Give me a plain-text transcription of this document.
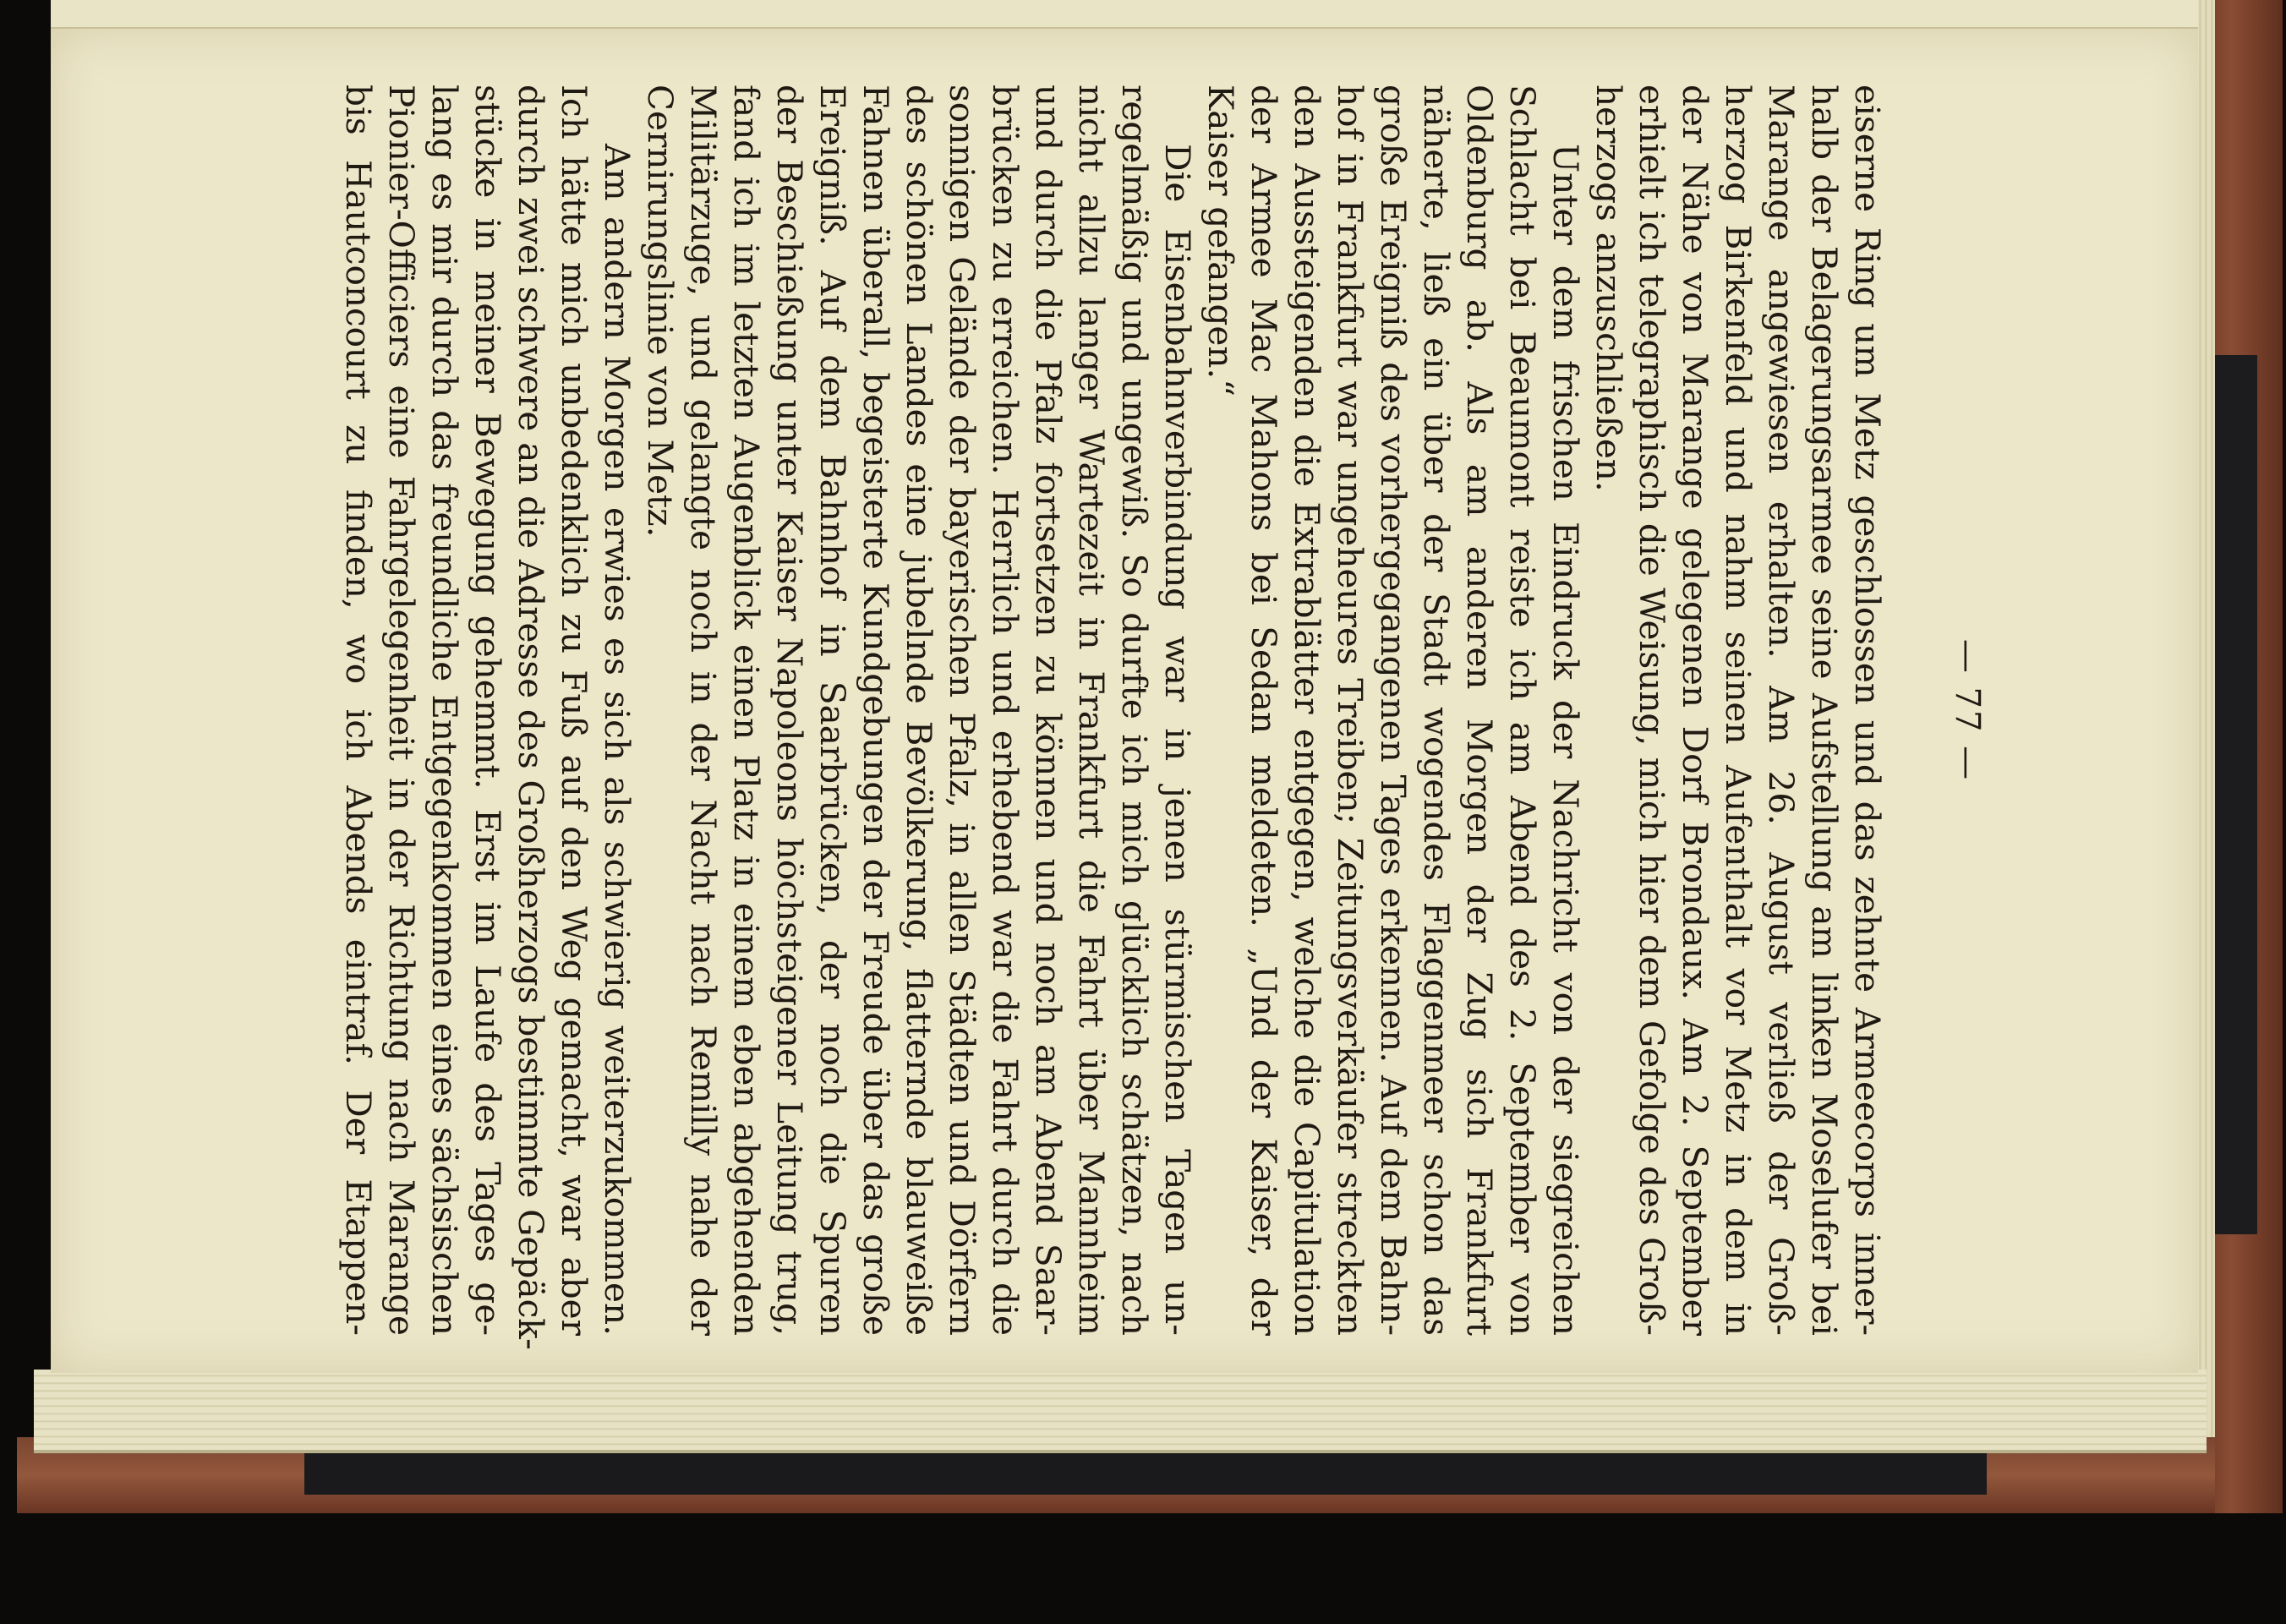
— 77 —
eiserne Ring um Metz geschlossen und das zehnte Armeecorps inner-
halb der Belagerungsarmee seine Aufstellung am linken Moselufer bei
Marange angewiesen erhalten. Am 26. August verließ der Groß-
herzog Birkenfeld und nahm seinen Aufenthalt vor Metz in dem in
der Nähe von Marange gelegenen Dorf Brondaux. Am 2. September
erhielt ich telegraphisch die Weisung, mich hier dem Gefolge des Groß-
herzogs anzuschließen.
Unter dem frischen Eindruck der Nachricht von der siegreichen
Schlacht bei Beaumont reiste ich am Abend des 2. September von
Oldenburg ab. Als am anderen Morgen der Zug sich Frankfurt
näherte, ließ ein über der Stadt wogendes Flaggenmeer schon das
große Ereigniß des vorhergegangenen Tages erkennen. Auf dem Bahn-
hof in Frankfurt war ungeheures Treiben; Zeitungsverkäufer streckten
den Aussteigenden die Extrablätter entgegen, welche die Capitulation
der Armee Mac Mahons bei Sedan meldeten. „Und der Kaiser, der
Kaiser gefangen.“
Die Eisenbahnverbindung war in jenen stürmischen Tagen un-
regelmäßig und ungewiß. So durfte ich mich glücklich schätzen, nach
nicht allzu langer Wartezeit in Frankfurt die Fahrt über Mannheim
und durch die Pfalz fortsetzen zu können und noch am Abend Saar-
brücken zu erreichen. Herrlich und erhebend war die Fahrt durch die
sonnigen Gelände der bayerischen Pfalz, in allen Städten und Dörfern
des schönen Landes eine jubelnde Bevölkerung, flatternde blauweiße
Fahnen überall, begeisterte Kundgebungen der Freude über das große
Ereigniß. Auf dem Bahnhof in Saarbrücken, der noch die Spuren
der Beschießung unter Kaiser Napoleons höchsteigener Leitung trug,
fand ich im letzten Augenblick einen Platz in einem eben abgehenden
Militärzuge, und gelangte noch in der Nacht nach Remilly nahe der
Cernirungslinie von Metz.
Am andern Morgen erwies es sich als schwierig weiterzukommen.
Ich hätte mich unbedenklich zu Fuß auf den Weg gemacht, war aber
durch zwei schwere an die Adresse des Großherzogs bestimmte Gepäck-
stücke in meiner Bewegung gehemmt. Erst im Laufe des Tages ge-
lang es mir durch das freundliche Entgegenkommen eines sächsischen
Pionier-Officiers eine Fahrgelegenheit in der Richtung nach Marange
bis Hautconcourt zu finden, wo ich Abends eintraf. Der Etappen-
